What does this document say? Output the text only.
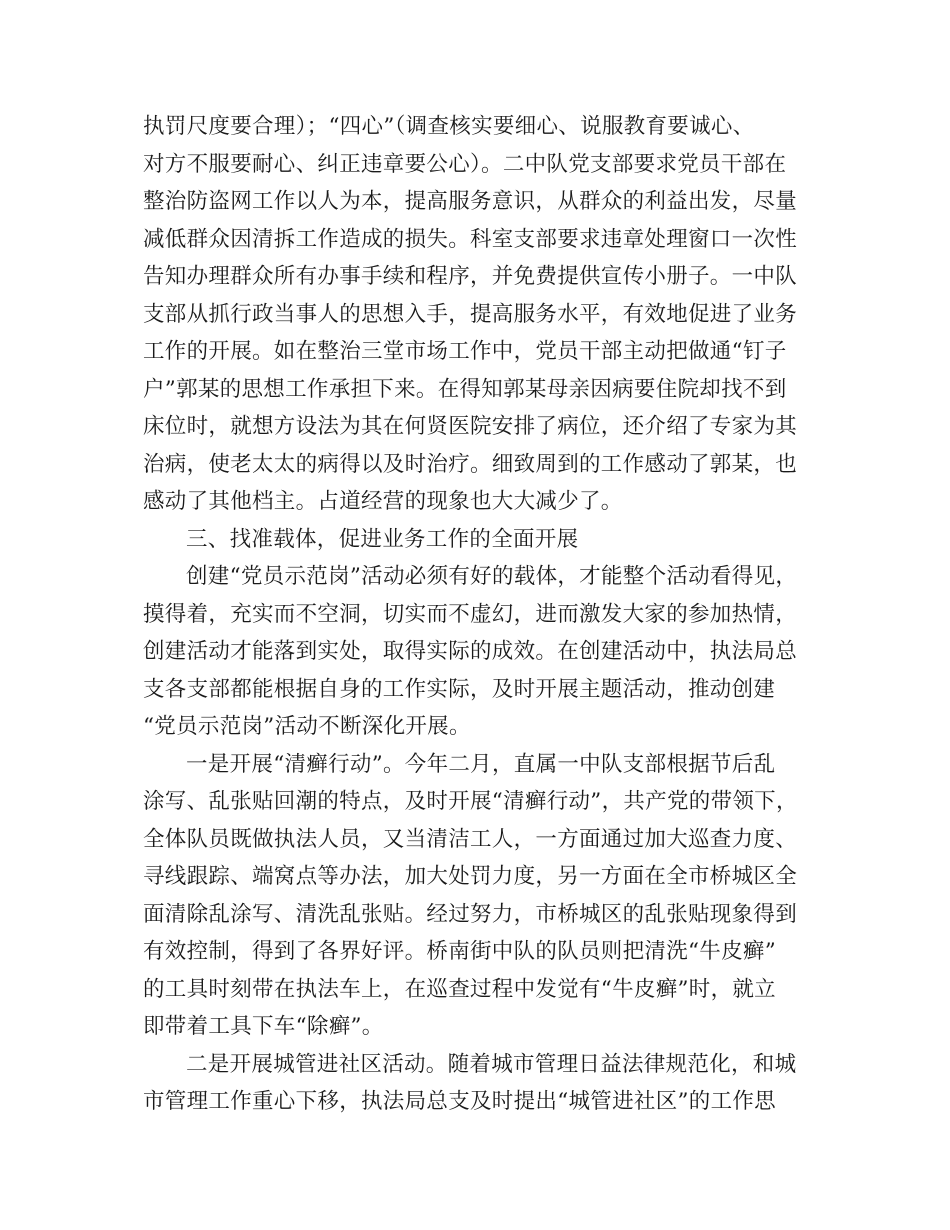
执罚尺度要合理）；“四心”（调查核实要细心、说服教育要诚心、
对方不服要耐心、纠正违章要公心）。二中队党支部要求党员干部在
整治防盗网工作以人为本，提高服务意识，从群众的利益出发，尽量
减低群众因清拆工作造成的损失。科室支部要求违章处理窗口一次性
告知办理群众所有办事手续和程序，并免费提供宣传小册子。一中队
支部从抓行政当事人的思想入手，提高服务水平，有效地促进了业务
工作的开展。如在整治三堂市场工作中，党员干部主动把做通“钉子
户”郭某的思想工作承担下来。在得知郭某母亲因病要住院却找不到
床位时，就想方设法为其在何贤医院安排了病位，还介绍了专家为其
治病，使老太太的病得以及时治疗。细致周到的工作感动了郭某，也
感动了其他档主。占道经营的现象也大大减少了。
三、找准载体，促进业务工作的全面开展
创建“党员示范岗”活动必须有好的载体，才能整个活动看得见，
摸得着，充实而不空洞，切实而不虚幻，进而激发大家的参加热情，
创建活动才能落到实处，取得实际的成效。在创建活动中，执法局总
支各支部都能根据自身的工作实际，及时开展主题活动，推动创建
“党员示范岗”活动不断深化开展。
一是开展“清癣行动”。今年二月，直属一中队支部根据节后乱
涂写、乱张贴回潮的特点，及时开展“清癣行动”，共产党的带领下，
全体队员既做执法人员，又当清洁工人，一方面通过加大巡查力度、
寻线跟踪、端窝点等办法，加大处罚力度，另一方面在全市桥城区全
面清除乱涂写、清洗乱张贴。经过努力，市桥城区的乱张贴现象得到
有效控制，得到了各界好评。桥南街中队的队员则把清洗“牛皮癣”
的工具时刻带在执法车上，在巡查过程中发觉有“牛皮癣”时，就立
即带着工具下车“除癣”。
二是开展城管进社区活动。随着城市管理日益法律规范化，和城
市管理工作重心下移，执法局总支及时提出“城管进社区”的工作思
